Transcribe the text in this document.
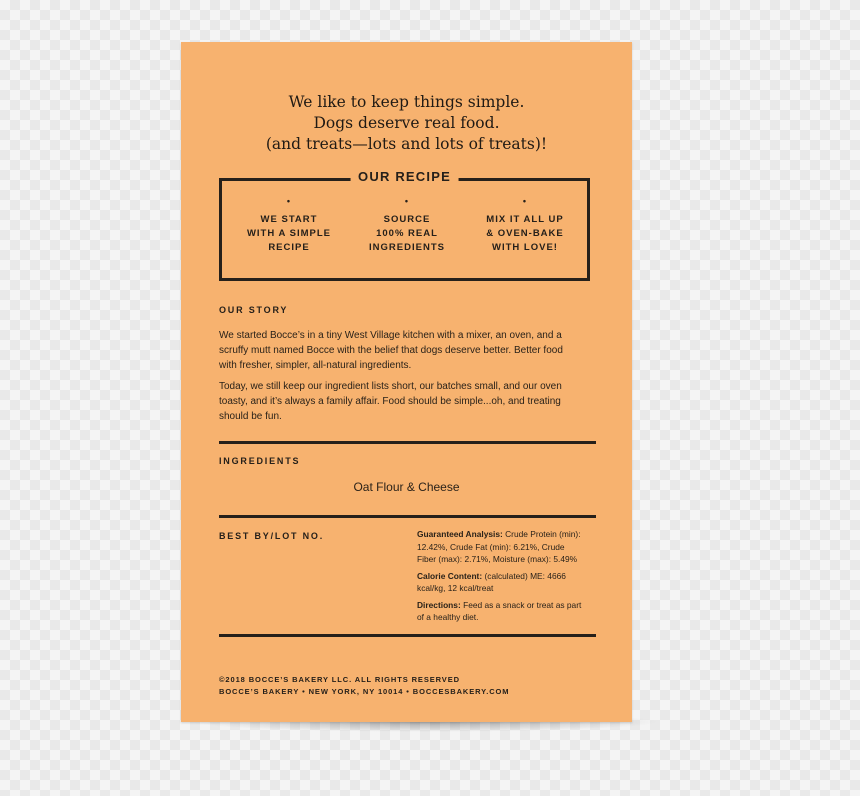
We like to keep things simple.
Dogs deserve real food.
(and treats—lots and lots of treats)!
OUR RECIPE
•
WE START
WITH A SIMPLE
RECIPE
•
SOURCE
100% REAL
INGREDIENTS
•
MIX IT ALL UP
& OVEN-BAKE
WITH LOVE!
OUR STORY

We started Bocce’s in a tiny West Village kitchen with a mixer, an oven, and a
scruffy mutt named Bocce with the belief that dogs deserve better. Better food
with fresher, simpler, all-natural ingredients.

Today, we still keep our ingredient lists short, our batches small, and our oven
toasty, and it’s always a family affair. Food should be simple...oh, and treating
should be fun.

INGREDIENTS
Oat Flour & Cheese
BEST BY/LOT NO.	Guaranteed Analysis: Crude Protein (min):
12.42%, Crude Fat (min): 6.21%, Crude
Fiber (max): 2.71%, Moisture (max): 5.49%

Calorie Content: (calculated) ME: 4666
kcal/kg, 12 kcal/treat

Directions: Feed as a snack or treat as part
of a healthy diet.

©2018 BOCCE’S BAKERY LLC. ALL RIGHTS RESERVED
BOCCE’S BAKERY • NEW YORK, NY 10014 • BOCCESBAKERY.COM
